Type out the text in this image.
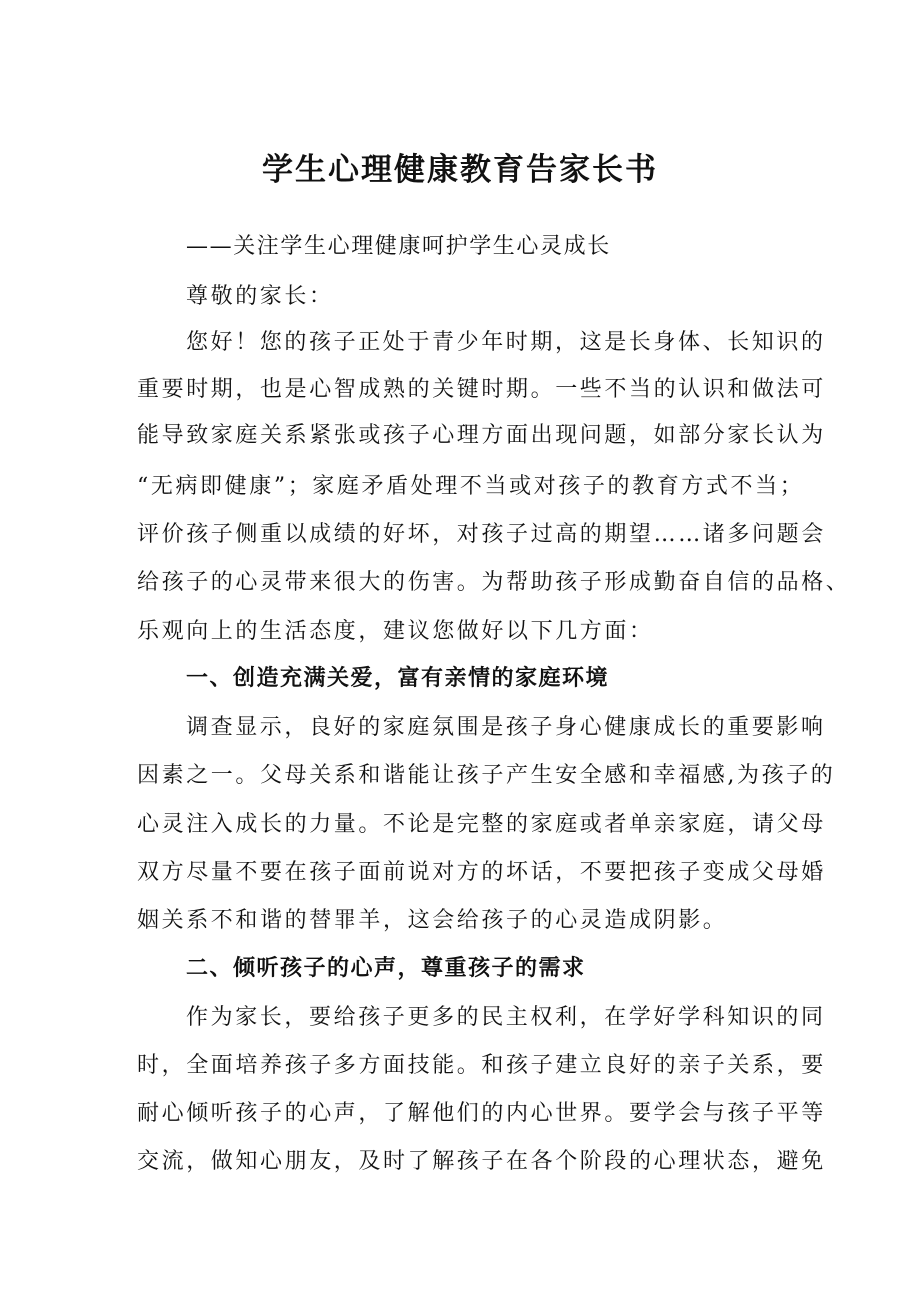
学生心理健康教育告家长书

——关注学生心理健康呵护学生心灵成长

尊敬的家长：

您好！您的孩子正处于青少年时期，这是长身体、长知识的

重要时期，也是心智成熟的关键时期。一些不当的认识和做法可

能导致家庭关系紧张或孩子心理方面出现问题，如部分家长认为

“无病即健康”；家庭矛盾处理不当或对孩子的教育方式不当；

评价孩子侧重以成绩的好坏，对孩子过高的期望……诸多问题会

给孩子的心灵带来很大的伤害。为帮助孩子形成勤奋自信的品格、

乐观向上的生活态度，建议您做好以下几方面：

一、创造充满关爱，富有亲情的家庭环境

调查显示，良好的家庭氛围是孩子身心健康成长的重要影响

因素之一。父母关系和谐能让孩子产生安全感和幸福感,为孩子的

心灵注入成长的力量。不论是完整的家庭或者单亲家庭，请父母

双方尽量不要在孩子面前说对方的坏话，不要把孩子变成父母婚

姻关系不和谐的替罪羊，这会给孩子的心灵造成阴影。

二、倾听孩子的心声，尊重孩子的需求

作为家长，要给孩子更多的民主权利，在学好学科知识的同

时，全面培养孩子多方面技能。和孩子建立良好的亲子关系，要

耐心倾听孩子的心声，了解他们的内心世界。要学会与孩子平等

交流，做知心朋友，及时了解孩子在各个阶段的心理状态，避免
